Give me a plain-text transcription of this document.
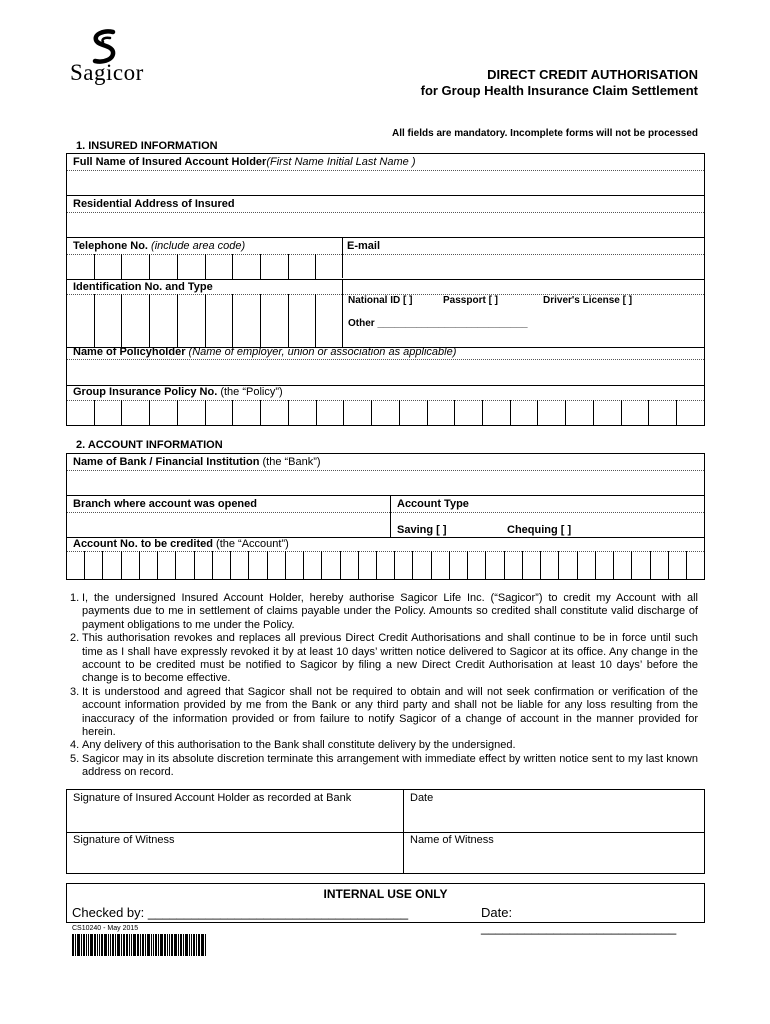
Sagicor	DIRECT CREDIT AUTHORISATION
for Group Health Insurance Claim Settlement
All fields are mandatory. Incomplete forms will not be processed
1. INSURED INFORMATION
Full Name of Insured Account Holder(First Name Initial Last Name )
Residential Address of Insured
Telephone No. (include area code)	E-mail
Identification No. and Type
National ID [ ]	Passport [ ]	Driver's License [ ]
Other ___________________________
Name of Policyholder (Name of employer, union or association as applicable)
Group Insurance Policy No. (the “Policy”)
2. ACCOUNT INFORMATION
Name of Bank / Financial Institution (the “Bank”)
Branch where account was opened	Account Type
Saving [ ]	Chequing [ ]
Account No. to be credited (the “Account”)
1. I, the undersigned Insured Account Holder, hereby authorise Sagicor Life Inc. (“Sagicor”) to credit my Account with all payments due to me in settlement of claims payable under the Policy. Amounts so credited shall constitute valid discharge of payment obligations to me under the Policy.
2. This authorisation revokes and replaces all previous Direct Credit Authorisations and shall continue to be in force until such time as I shall have expressly revoked it by at least 10 days’ written notice delivered to Sagicor at its office. Any change in the account to be credited must be notified to Sagicor by filing a new Direct Credit Authorisation at least 10 days’ before the change is to become effective.
3. It is understood and agreed that Sagicor shall not be required to obtain and will not seek confirmation or verification of the account information provided by me from the Bank or any third party and shall not be liable for any loss resulting from the inaccuracy of the information provided or from failure to notify Sagicor of a change of account in the manner provided for herein.
4. Any delivery of this authorisation to the Bank shall constitute delivery by the undersigned.
5. Sagicor may in its absolute discretion terminate this arrangement with immediate effect by written notice sent to my last known address on record.
Signature of Insured Account Holder as recorded at Bank	Date
Signature of Witness	Name of Witness
INTERNAL USE ONLY
Checked by: ____________________________________	Date: ___________________________
CS10240 - May 2015
